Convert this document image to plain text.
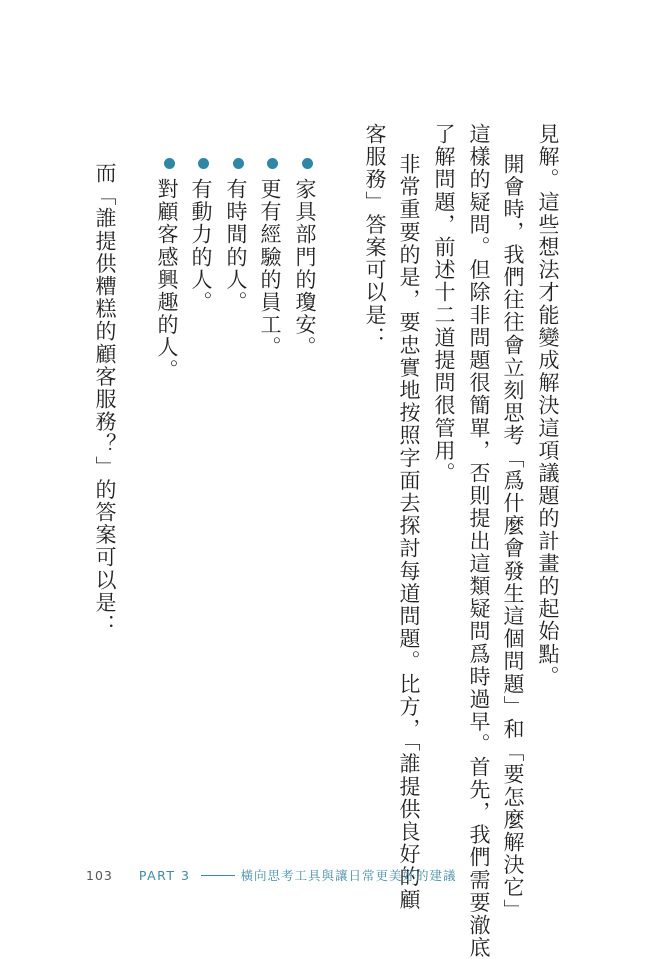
見解。這些想法才能變成解決這項議題的計畫的起始點。

開會時，我們往往會立刻思考「爲什麼會發生這個問題」和「要怎麼解決它」

這樣的疑問。但除非問題很簡單，否則提出這類疑問爲時過早。首先，我們需要澈底

了解問題，前述十二道提問很管用。

非常重要的是，要忠實地按照字面去探討每道問題。比方，「誰提供良好的顧

客服務」答案可以是：

家具部門的瓊安。
更有經驗的員工。
有時間的人。
有動力的人。
對顧客感興趣的人。

而「誰提供糟糕的顧客服務？」的答案可以是：

103 PART 3	橫向思考工具與讓日常更美好的建議
